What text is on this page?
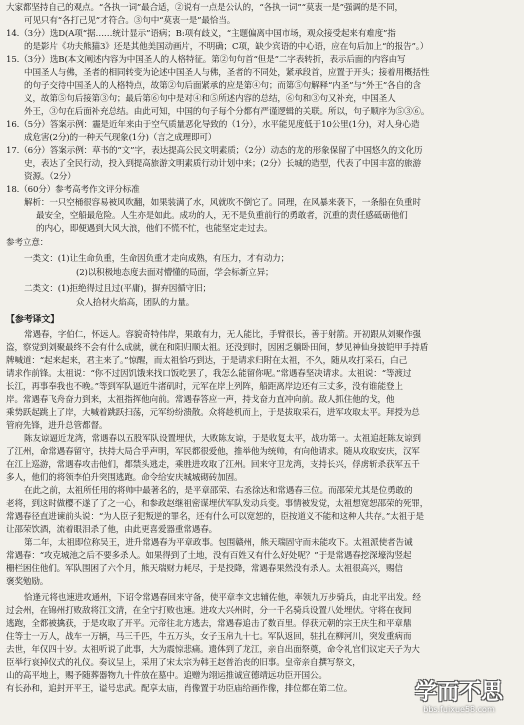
大家都坚持自己的观点。“各执一词”最合适，②说有一点是公认的，“各执一词”“莫衷一是”强调的是不同，
可见只有“各打己见”才符合。③句中“莫衷一是”最恰当。
14.（3分）选D(A项“据……统计显示”语病；B:项有歧义，“主题偏离中国市场，观众接受起来有难度”指
的是影片《功夫熊猫3》还是其他美国动画片，不明确；C项，缺少宾语的中心语，应在句后加上“的报告”。）
15.（3分）选B(本文阐述内容为中国圣人的人格特征。第②句句首“但是”二字表转折，表示后面的内容由写
中国圣人与佛，圣者的相同转变为论述中国圣人与佛，圣者的不同处，紧承段首，应置于开头；接着用概括性
的句子交待中国圣人的人格特点，故第②句后面紧承的应是第④句；而第⑤句解释“内圣”与“外王”各自的含
义，故第⑤句后接第③句；最后第⑥句中是对④和⑤所述内容的总结，⑥句和③句又补充，中国圣人
外王，③句在后面补充总结。由此可知，中国的句子每个分都有严谨逻辑的关联。所以，句子顺序为⑤③⑥。
16.（5分）答案示例：霾是近年来由于空气质量恶化导致的（1分），水平能见度低于10公里(1分)，对人身心造
成危害(2分)的一种天气现象(1分)（言之成理即可）
17.（6分）答案示例：草书的“文”字，表达提高公民文明素质；（2分）动态的龙的形象保留了中国悠久的文化历
史，表达了全民行动，投入到提高旅游文明素质行动计划中来；(2分）长城的造型，代表了中国丰富的旅游
资源。（2分）
18.（60分）参考高考作文评分标准
解析：一只空桶很容易被风吹翻，如果装满了水，风就吹不倒它了。同理，在风暴来袭下，一条船在负重时
最安全，空船最危险。人生亦是如此。成功的人，无不是负重前行的勇敢者，沉重的责任感砥砺他们
的内心，即便遇到大风大浪，他们不慌不忙，也能坚定走过去。
参考立意：
一类文：(1)让生命负重，生命因负重才走向成熟，有压力，才有动力；
(2)以积极地态度去面对懵懂的局面，学会标新立异；
二类文：(1)拒绝得过且过(平庸)，摒弃因循守旧；
众人拾材火焰高，团队的力量。
【参考译文】
常遇春，字伯仁，怀远人。容貌奇特伟岸，果敢有力，无人能比，手臂很长，善于射箭。开初跟从刘聚作强
盗，察觉到刘聚最终不会有什么成就，就在和阳归顺太祖。还没到时，因困乏躺卧田间，梦见神仙身披铠甲手持盾
牌喊道：“起来起来，君主来了。”惊醒，而太祖恰巧到达，于是请求归附在太祖，不久，随从攻打采石，白己
请求作前锋。太祖说：“你不过因饥饿来找口饭吃罢了，我怎么能留你呢。”常遇春坚决请求。太祖说：“等渡过
长江，再事奉我也不晚。”等到军队逼近牛渚矶时，元军在岸上列阵，船距离岸边还有三丈多，没有谁能登上
岸。常遇春飞舟奋力到来，太祖指挥他向前。常遇春答应一声，持戈奋力直冲向前。敌人抓住他的戈，他
乘势跃起跳上了岸，大喊着跳跃扫荡，元军纷纷溃散。众将趁机而上，于是拔取采石，进军攻取太平。拜授为总
管府先锋，进升总管都督。
陈友谅逼近龙湾，常遇春以五股军队设置埋伏，大败陈友谅，于是收复太平，战功第一。太祖追赶陈友谅到
了江州，命常遇春留守，扶持大局合乎声明，军民都很爱他，推举他为统帅，有向他请求。随从攻取安庆，汉军
在江上巡游，常遇春攻击他们，都禁头逃走，乘胜进攻取了江州。回来守卫龙湾，支持长兴，俘虏斩杀获军五千
多人，他们的将领李伯升突围逃跑。命令给安庆城城砌砖加固。
在此之前，太祖所任用的将帅中最著名的，是平章邵荣、右丞徐达和常遇春三位。而邵荣尤其是位勇敢的
老将，到这时做樱不遂了了之一心，和参政赵继祖密谋埋伏军队发动兵变。事情被发觉，太祖想宽恕邵荣的死罪，
常遇春径直进谏前头说：“为人臣子犯叛逆的罪名，还有什么可以宽恕的，臣按道义不能和这种人共存。”太祖于是
让邵荣饮酒，流着眼泪杀了他，由此更喜爱器重常遇春。
第二年，太祖即位称吴王，进升常遇春为平章政事。包围赣州，熊天瑞固守而未能攻下。太祖派使者告诫
常遇春：“攻克城池之后不要多杀人。如果得到了土地，没有百姓又有什么好处呢？”于是常遇春挖深壕沟竖起
栅栏困住他们。军队围困了六个月，熊天瑞财力耗尽，于是投降，常遇春果然没有杀人。太祖很高兴，赐信
褒奖勉励。
恰逢元将也速进攻通州，下诏令常遇春回来守备，使平章李文忠辅佐他，率领九万步骑兵，由北平出发。经
过会州，在锦州打败敌将江文清，在全宁打败也速。进攻大兴州时，分一千名骑兵设置八处埋伏。守将在夜间
逃跑，全都被擒获，于是攻取了开平。元帝往北方逃去，常遇春追击了数百里。俘获元朝的宗王庆生和平章鼎
住等士一万人，战车一万辆，马三千匹，牛五万头，女子玉帛九十七。军队返回，驻扎在柳河川，突发重病而
去世，年仅四十岁。太祖听说了此事，大为震惊悲痛。遗体到了龙江，亲自出面祭奠，命令礼官们议定天子为大
臣举行哀掉仪式的礼仪。奏议呈上，采用了宋太宗为韩王赵普治丧的旧事。皇帝亲自撰写祭文，
山的高平地上，赐予随葬器物九十件放在墓中。追赠为翊运推诚宣德靖远功臣开国公。
有长孙和，追封开平王，谥号忠武。配享太庙，肖像置于功臣庙给画作像，排位都在第二位。	学而不思
bbs.fuixue58.com
